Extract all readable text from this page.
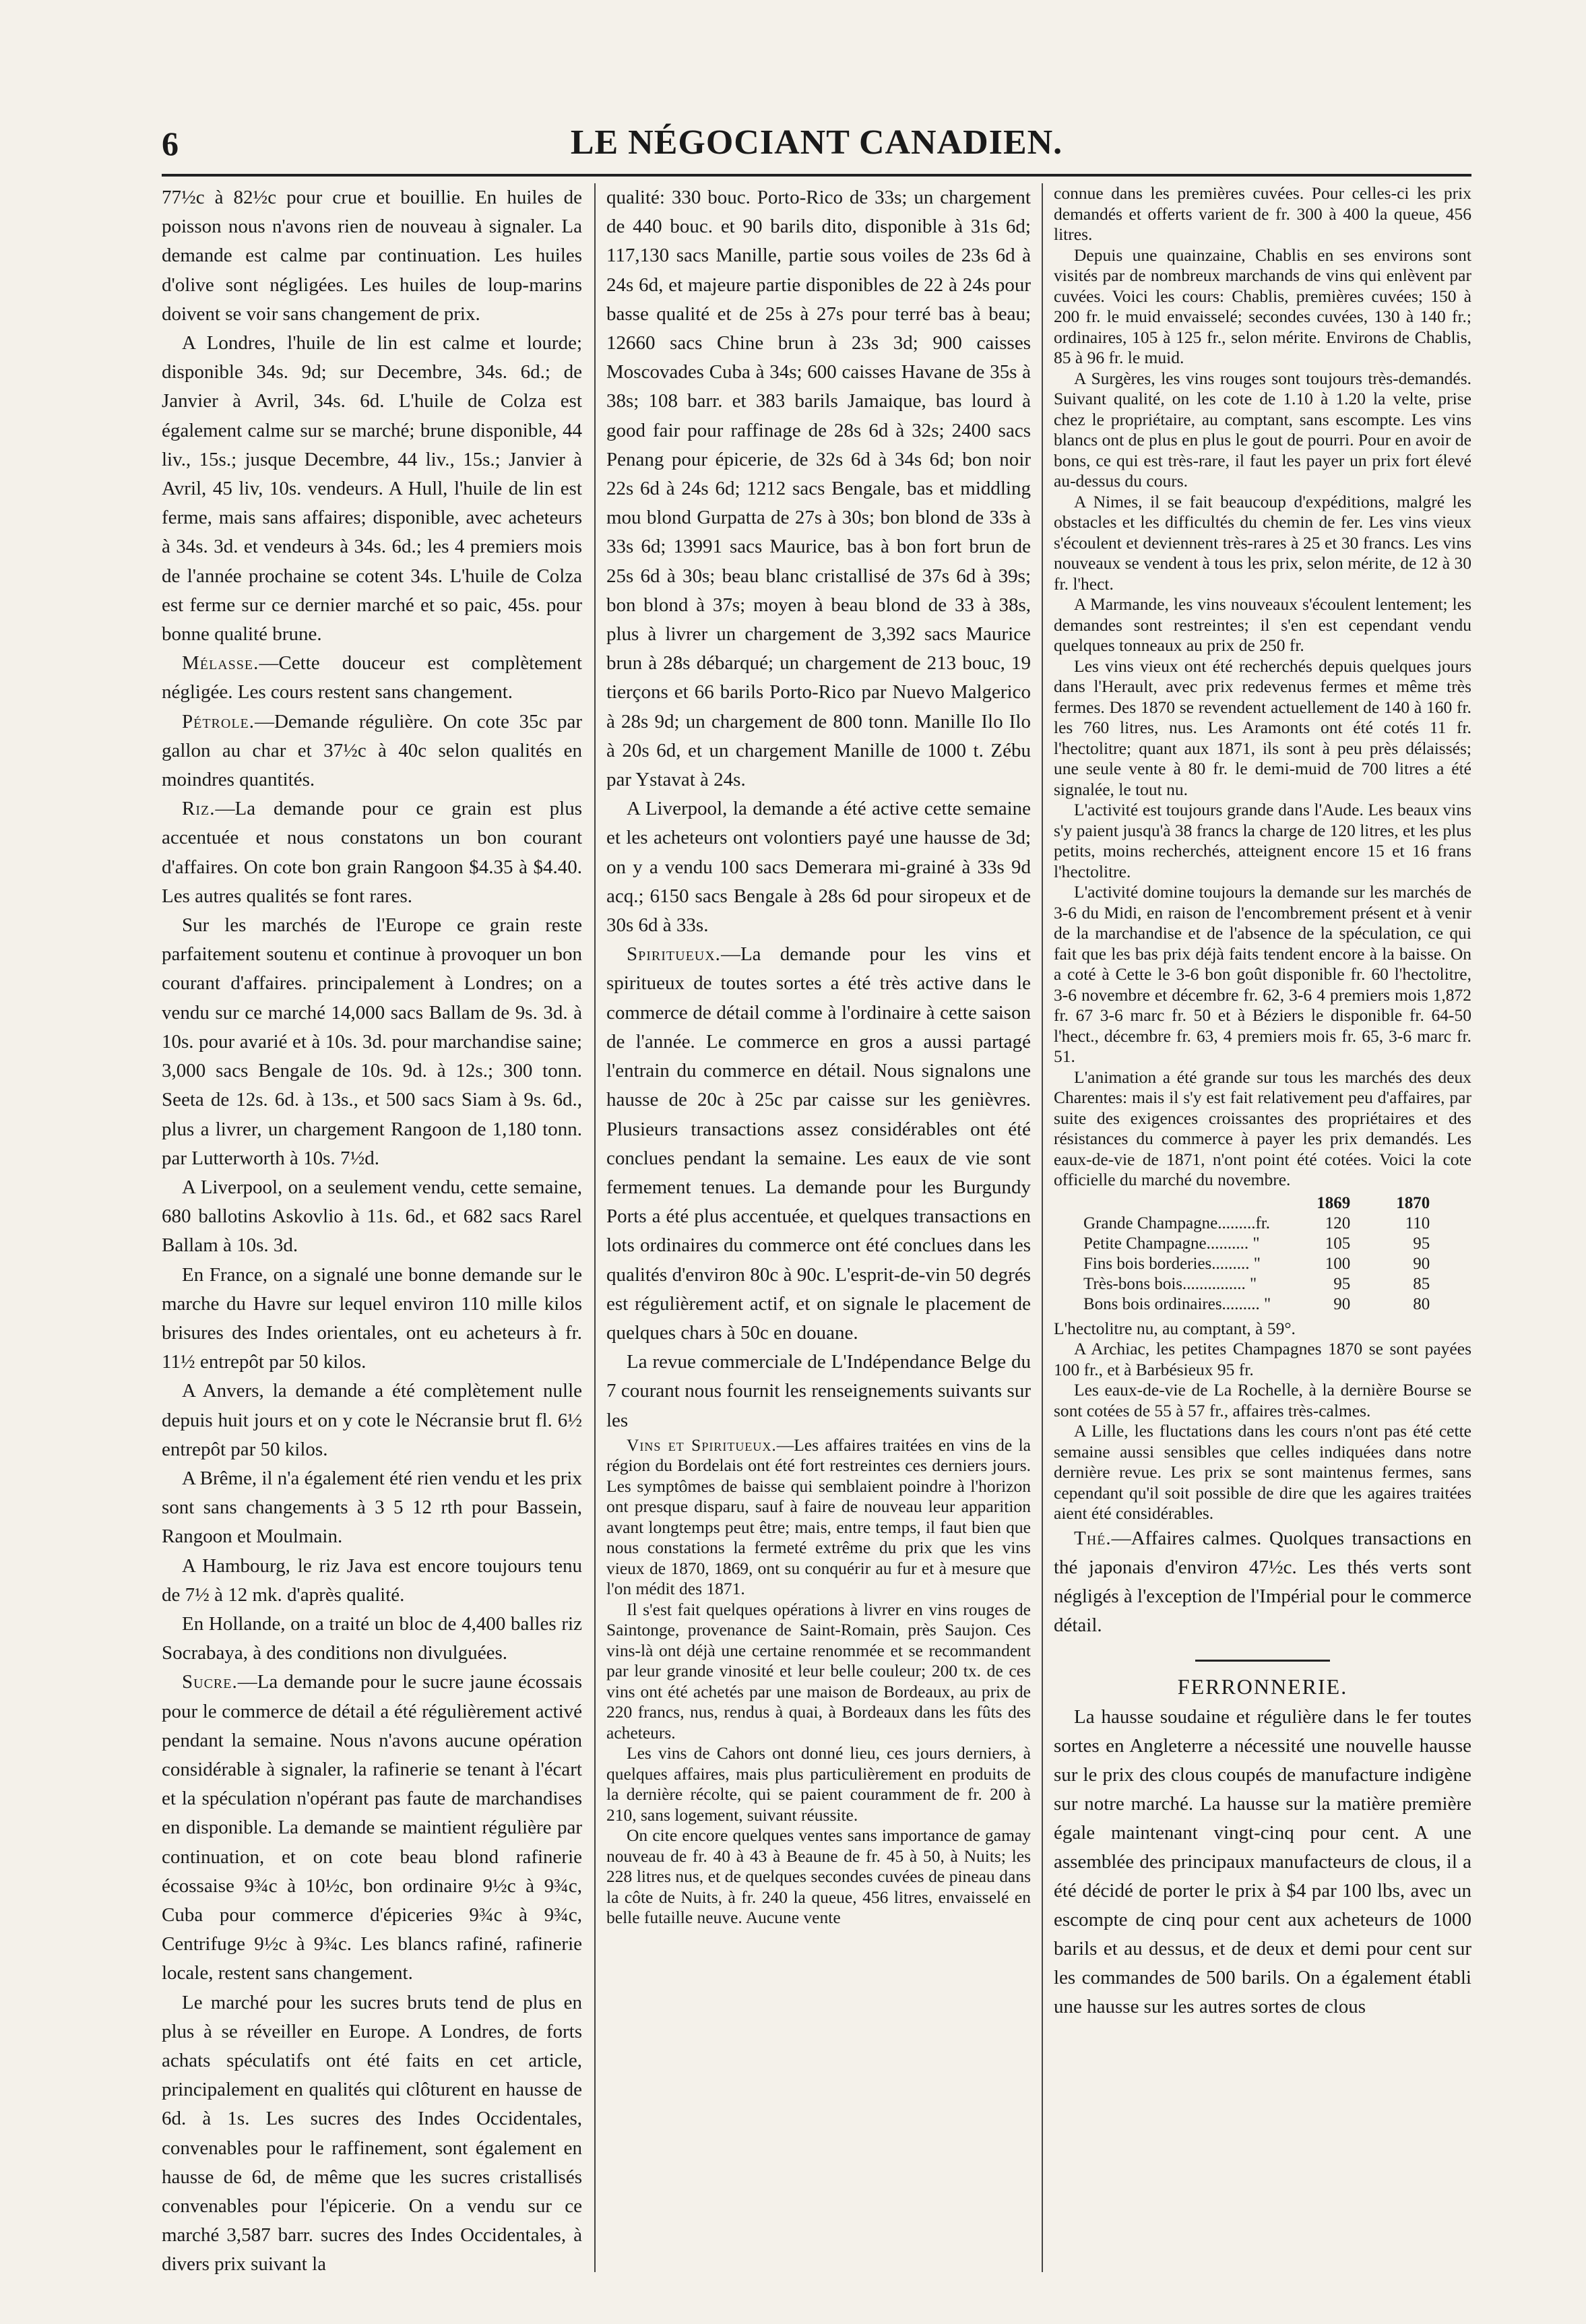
6	LE NÉGOCIANT CANADIEN.

77½c à 82½c pour crue et bouillie. En huiles de poisson nous n'avons rien de nouveau à signaler. La demande est calme par continuation. Les huiles d'olive sont négligées. Les huiles de loup-marins doivent se voir sans changement de prix.

A Londres, l'huile de lin est calme et lourde; disponible 34s. 9d; sur Decembre, 34s. 6d.; de Janvier à Avril, 34s. 6d. L'huile de Colza est également calme sur se marché; brune disponible, 44 liv., 15s.; jusque Decembre, 44 liv., 15s.; Janvier à Avril, 45 liv, 10s. vendeurs. A Hull, l'huile de lin est ferme, mais sans affaires; disponible, avec acheteurs à 34s. 3d. et vendeurs à 34s. 6d.; les 4 premiers mois de l'année prochaine se cotent 34s. L'huile de Colza est ferme sur ce dernier marché et so paic, 45s. pour bonne qualité brune.

Mélasse.—Cette douceur est complètement négligée. Les cours restent sans changement.

Pétrole.—Demande régulière. On cote 35c par gallon au char et 37½c à 40c selon qualités en moindres quantités.

Riz.—La demande pour ce grain est plus accentuée et nous constatons un bon courant d'affaires. On cote bon grain Rangoon $4.35 à $4.40. Les autres qualités se font rares.

Sur les marchés de l'Europe ce grain reste parfaitement soutenu et continue à provoquer un bon courant d'affaires. principalement à Londres; on a vendu sur ce marché 14,000 sacs Ballam de 9s. 3d. à 10s. pour avarié et à 10s. 3d. pour marchandise saine; 3,000 sacs Bengale de 10s. 9d. à 12s.; 300 tonn. Seeta de 12s. 6d. à 13s., et 500 sacs Siam à 9s. 6d., plus a livrer, un chargement Rangoon de 1,180 tonn. par Lutterworth à 10s. 7½d.

A Liverpool, on a seulement vendu, cette semaine, 680 ballotins Askovlio à 11s. 6d., et 682 sacs Rarel Ballam à 10s. 3d.

En France, on a signalé une bonne demande sur le marche du Havre sur lequel environ 110 mille kilos brisures des Indes orientales, ont eu acheteurs à fr. 11½ entrepôt par 50 kilos.

A Anvers, la demande a été complètement nulle depuis huit jours et on y cote le Nécransie brut fl. 6½ entrepôt par 50 kilos.

A Brême, il n'a également été rien vendu et les prix sont sans changements à 3 5 12 rth pour Bassein, Rangoon et Moulmain.

A Hambourg, le riz Java est encore toujours tenu de 7½ à 12 mk. d'après qualité.

En Hollande, on a traité un bloc de 4,400 balles riz Socrabaya, à des conditions non divulguées.

Sucre.—La demande pour le sucre jaune écossais pour le commerce de détail a été régulièrement activé pendant la semaine. Nous n'avons aucune opération considérable à signaler, la rafinerie se tenant à l'écart et la spéculation n'opérant pas faute de marchandises en disponible. La demande se maintient régulière par continuation, et on cote beau blond rafinerie écossaise 9¾c à 10½c, bon ordinaire 9½c à 9¾c, Cuba pour commerce d'épiceries 9¾c à 9¾c, Centrifuge 9½c à 9¾c. Les blancs rafiné, rafinerie locale, restent sans changement.

Le marché pour les sucres bruts tend de plus en plus à se réveiller en Europe. A Londres, de forts achats spéculatifs ont été faits en cet article, principalement en qualités qui clôturent en hausse de 6d. à 1s. Les sucres des Indes Occidentales, convenables pour le raffinement, sont également en hausse de 6d, de même que les sucres cristallisés convenables pour l'épicerie. On a vendu sur ce marché 3,587 barr. sucres des Indes Occidentales, à divers prix suivant la

qualité: 330 bouc. Porto-Rico de 33s; un chargement de 440 bouc. et 90 barils dito, disponible à 31s 6d; 117,130 sacs Manille, partie sous voiles de 23s 6d à 24s 6d, et majeure partie disponibles de 22 à 24s pour basse qualité et de 25s à 27s pour terré bas à beau; 12660 sacs Chine brun à 23s 3d; 900 caisses Moscovades Cuba à 34s; 600 caisses Havane de 35s à 38s; 108 barr. et 383 barils Jamaique, bas lourd à good fair pour raffinage de 28s 6d à 32s; 2400 sacs Penang pour épicerie, de 32s 6d à 34s 6d; bon noir 22s 6d à 24s 6d; 1212 sacs Bengale, bas et middling mou blond Gurpatta de 27s à 30s; bon blond de 33s à 33s 6d; 13991 sacs Maurice, bas à bon fort brun de 25s 6d à 30s; beau blanc cristallisé de 37s 6d à 39s; bon blond à 37s; moyen à beau blond de 33 à 38s, plus à livrer un chargement de 3,392 sacs Maurice brun à 28s débarqué; un chargement de 213 bouc, 19 tierçons et 66 barils Porto-Rico par Nuevo Malgerico à 28s 9d; un chargement de 800 tonn. Manille Ilo Ilo à 20s 6d, et un chargement Manille de 1000 t. Zébu par Ystavat à 24s.

A Liverpool, la demande a été active cette semaine et les acheteurs ont volontiers payé une hausse de 3d; on y a vendu 100 sacs Demerara mi-grainé à 33s 9d acq.; 6150 sacs Bengale à 28s 6d pour siropeux et de 30s 6d à 33s.

Spiritueux.—La demande pour les vins et spiritueux de toutes sortes a été très active dans le commerce de détail comme à l'ordinaire à cette saison de l'année. Le commerce en gros a aussi partagé l'entrain du commerce en détail. Nous signalons une hausse de 20c à 25c par caisse sur les genièvres. Plusieurs transactions assez considérables ont été conclues pendant la semaine. Les eaux de vie sont fermement tenues. La demande pour les Burgundy Ports a été plus accentuée, et quelques transactions en lots ordinaires du commerce ont été conclues dans les qualités d'environ 80c à 90c. L'esprit-de-vin 50 degrés est régulièrement actif, et on signale le placement de quelques chars à 50c en douane.

La revue commerciale de L'Indépendance Belge du 7 courant nous fournit les renseignements suivants sur les

Vins et Spiritueux.—Les affaires traitées en vins de la région du Bordelais ont été fort restreintes ces derniers jours. Les symptômes de baisse qui semblaient poindre à l'horizon ont presque disparu, sauf à faire de nouveau leur apparition avant longtemps peut être; mais, entre temps, il faut bien que nous constations la fermeté extrême du prix que les vins vieux de 1870, 1869, ont su conquérir au fur et à mesure que l'on médit des 1871.

Il s'est fait quelques opérations à livrer en vins rouges de Saintonge, provenance de Saint-Romain, près Saujon. Ces vins-là ont déjà une certaine renommée et se recommandent par leur grande vinosité et leur belle couleur; 200 tx. de ces vins ont été achetés par une maison de Bordeaux, au prix de 220 francs, nus, rendus à quai, à Bordeaux dans les fûts des acheteurs.

Les vins de Cahors ont donné lieu, ces jours derniers, à quelques affaires, mais plus particulièrement en produits de la dernière récolte, qui se paient couramment de fr. 200 à 210, sans logement, suivant réussite.

On cite encore quelques ventes sans importance de gamay nouveau de fr. 40 à 43 à Beaune de fr. 45 à 50, à Nuits; les 228 litres nus, et de quelques secondes cuvées de pineau dans la côte de Nuits, à fr. 240 la queue, 456 litres, envaisselé en belle futaille neuve. Aucune vente

connue dans les premières cuvées. Pour celles-ci les prix demandés et offerts varient de fr. 300 à 400 la queue, 456 litres.

Depuis une quainzaine, Chablis en ses environs sont visités par de nombreux marchands de vins qui enlèvent par cuvées. Voici les cours: Chablis, premières cuvées; 150 à 200 fr. le muid envaisselé; secondes cuvées, 130 à 140 fr.; ordinaires, 105 à 125 fr., selon mérite. Environs de Chablis, 85 à 96 fr. le muid.

A Surgères, les vins rouges sont toujours très-demandés. Suivant qualité, on les cote de 1.10 à 1.20 la velte, prise chez le propriétaire, au comptant, sans escompte. Les vins blancs ont de plus en plus le gout de pourri. Pour en avoir de bons, ce qui est très-rare, il faut les payer un prix fort élevé au-dessus du cours.

A Nimes, il se fait beaucoup d'expéditions, malgré les obstacles et les difficultés du chemin de fer. Les vins vieux s'écoulent et deviennent très-rares à 25 et 30 francs. Les vins nouveaux se vendent à tous les prix, selon mérite, de 12 à 30 fr. l'hect.

A Marmande, les vins nouveaux s'écoulent lentement; les demandes sont restreintes; il s'en est cependant vendu quelques tonneaux au prix de 250 fr.

Les vins vieux ont été recherchés depuis quelques jours dans l'Herault, avec prix redevenus fermes et même très fermes. Des 1870 se revendent actuellement de 140 à 160 fr. les 760 litres, nus. Les Aramonts ont été cotés 11 fr. l'hectolitre; quant aux 1871, ils sont à peu près délaissés; une seule vente à 80 fr. le demi-muid de 700 litres a été signalée, le tout nu.

L'activité est toujours grande dans l'Aude. Les beaux vins s'y paient jusqu'à 38 francs la charge de 120 litres, et les plus petits, moins recherchés, atteignent encore 15 et 16 frans l'hectolitre.

L'activité domine toujours la demande sur les marchés de 3-6 du Midi, en raison de l'encombrement présent et à venir de la marchandise et de l'absence de la spéculation, ce qui fait que les bas prix déjà faits tendent encore à la baisse. On a coté à Cette le 3-6 bon goût disponible fr. 60 l'hectolitre, 3-6 novembre et décembre fr. 62, 3-6 4 premiers mois 1,872 fr. 67 3-6 marc fr. 50 et à Béziers le disponible fr. 64-50 l'hect., décembre fr. 63, 4 premiers mois fr. 65, 3-6 marc fr. 51.

L'animation a été grande sur tous les marchés des deux Charentes: mais il s'y est fait relativement peu d'affaires, par suite des exigences croissantes des propriétaires et des résistances du commerce à payer les prix demandés. Les eaux-de-vie de 1871, n'ont point été cotées. Voici la cote officielle du marché du novembre.

	1869	1870
Grande Champagne.........fr.	120	110
Petite Champagne.......... "	105	95
Fins bois borderies......... "	100	90
Très-bons bois............... "	95	85
Bons bois ordinaires......... "	90	80

L'hectolitre nu, au comptant, à 59°.

A Archiac, les petites Champagnes 1870 se sont payées 100 fr., et à Barbésieux 95 fr.

Les eaux-de-vie de La Rochelle, à la dernière Bourse se sont cotées de 55 à 57 fr., affaires très-calmes.

A Lille, les fluctations dans les cours n'ont pas été cette semaine aussi sensibles que celles indiquées dans notre dernière revue. Les prix se sont maintenus fermes, sans cependant qu'il soit possible de dire que les agaires traitées aient été considérables.

Thé.—Affaires calmes. Quolques transactions en thé japonais d'environ 47½c. Les thés verts sont négligés à l'exception de l'Impérial pour le commerce détail.

FERRONNERIE.

La hausse soudaine et régulière dans le fer toutes sortes en Angleterre a nécessité une nouvelle hausse sur le prix des clous coupés de manufacture indigène sur notre marché. La hausse sur la matière première égale maintenant vingt-cinq pour cent. A une assemblée des principaux manufacteurs de clous, il a été décidé de porter le prix à $4 par 100 lbs, avec un escompte de cinq pour cent aux acheteurs de 1000 barils et au dessus, et de deux et demi pour cent sur les commandes de 500 barils. On a également établi une hausse sur les autres sortes de clous
